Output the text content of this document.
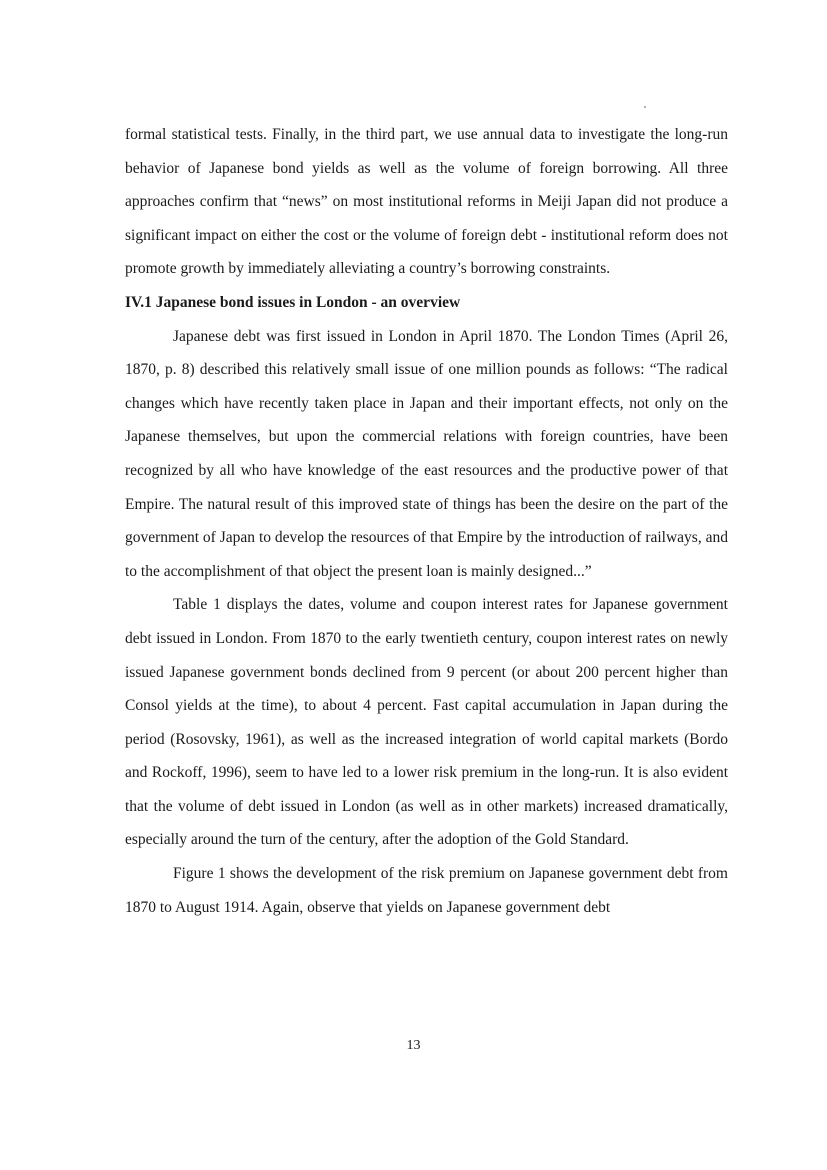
formal statistical tests. Finally, in the third part, we use annual data to investigate the long-run behavior of Japanese bond yields as well as the volume of foreign borrowing. All three approaches confirm that “news” on most institutional reforms in Meiji Japan did not produce a significant impact on either the cost or the volume of foreign debt - institutional reform does not promote growth by immediately alleviating a country’s borrowing constraints.

IV.1 Japanese bond issues in London - an overview

Japanese debt was first issued in London in April 1870. The London Times (April 26, 1870, p. 8) described this relatively small issue of one million pounds as follows: “The radical changes which have recently taken place in Japan and their important effects, not only on the Japanese themselves, but upon the commercial relations with foreign countries, have been recognized by all who have knowledge of the east resources and the productive power of that Empire. The natural result of this improved state of things has been the desire on the part of the government of Japan to develop the resources of that Empire by the introduction of railways, and to the accomplishment of that object the present loan is mainly designed...”

Table 1 displays the dates, volume and coupon interest rates for Japanese government debt issued in London. From 1870 to the early twentieth century, coupon interest rates on newly issued Japanese government bonds declined from 9 percent (or about 200 percent higher than Consol yields at the time), to about 4 percent. Fast capital accumulation in Japan during the period (Rosovsky, 1961), as well as the increased integration of world capital markets (Bordo and Rockoff, 1996), seem to have led to a lower risk premium in the long-run. It is also evident that the volume of debt issued in London (as well as in other markets) increased dramatically, especially around the turn of the century, after the adoption of the Gold Standard.

Figure 1 shows the development of the risk premium on Japanese government debt from 1870 to August 1914. Again, observe that yields on Japanese government debt

13
